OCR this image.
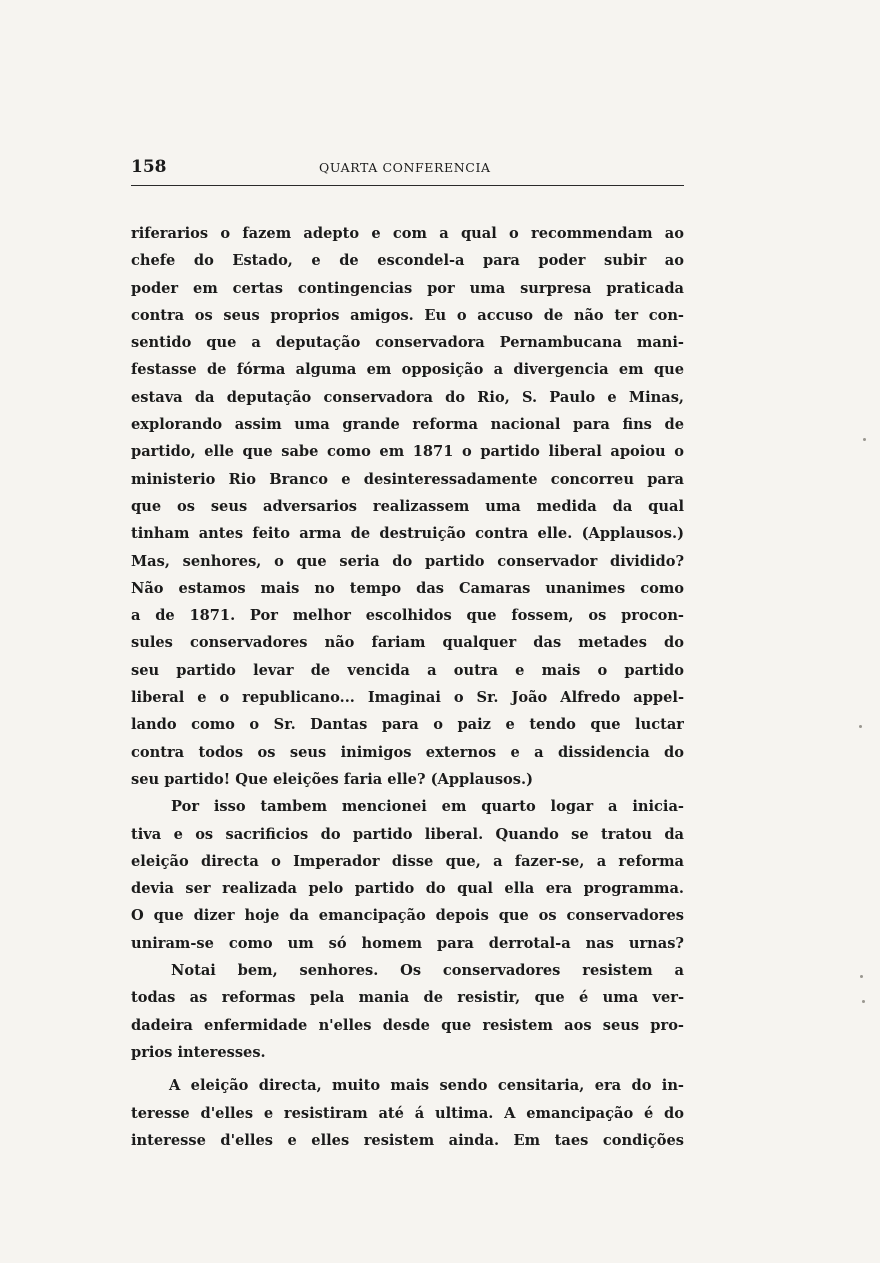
158	QUARTA CONFERENCIA
riferarios o fazem adepto e com a qual o recommendam ao
chefe do Estado, e de escondel-a para poder subir ao
poder em certas contingencias por uma surpresa praticada
contra os seus proprios amigos. Eu o accuso de não ter con-
sentido que a deputação conservadora Pernambucana mani-
festasse de fórma alguma em opposição a divergencia em que
estava da deputação conservadora do Rio, S. Paulo e Minas,
explorando assim uma grande reforma nacional para fins de
partido, elle que sabe como em 1871 o partido liberal apoiou o
ministerio Rio Branco e desinteressadamente concorreu para
que os seus adversarios realizassem uma medida da qual
tinham antes feito arma de destruição contra elle. (Applausos.)
Mas, senhores, o que seria do partido conservador dividido?
Não estamos mais no tempo das Camaras unanimes como
a de 1871. Por melhor escolhidos que fossem, os procon-
sules conservadores não fariam qualquer das metades do
seu partido levar de vencida a outra e mais o partido
liberal e o republicano... Imaginai o Sr. João Alfredo appel-
lando como o Sr. Dantas para o paiz e tendo que luctar
contra todos os seus inimigos externos e a dissidencia do
seu partido! Que eleições faria elle? (Applausos.)
Por isso tambem mencionei em quarto logar a inicia-
tiva e os sacrificios do partido liberal. Quando se tratou da
eleição directa o Imperador disse que, a fazer-se, a reforma
devia ser realizada pelo partido do qual ella era programma.
O que dizer hoje da emancipação depois que os conservadores
uniram-se como um só homem para derrotal-a nas urnas?
Notai bem, senhores. Os conservadores resistem a
todas as reformas pela mania de resistir, que é uma ver-
dadeira enfermidade n'elles desde que resistem aos seus pro-
prios interesses.
A eleição directa, muito mais sendo censitaria, era do in-
teresse d'elles e resistiram até á ultima. A emancipação é do
interesse d'elles e elles resistem ainda. Em taes condições
